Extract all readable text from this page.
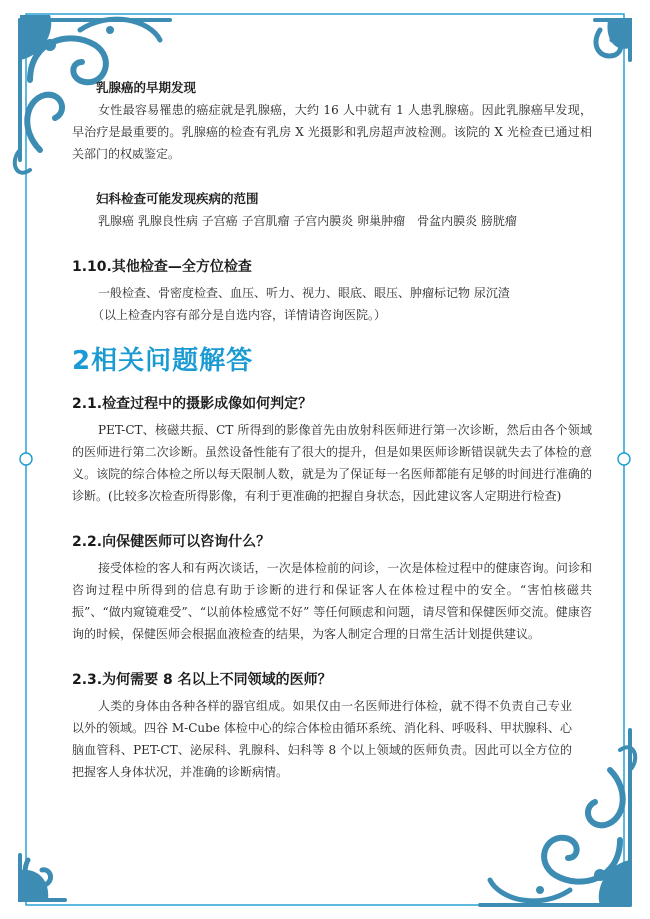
乳腺癌的早期发现

女性最容易罹患的癌症就是乳腺癌，大约 16 人中就有 1 人患乳腺癌。因此乳腺癌早发现，早治疗是最重要的。乳腺癌的检查有乳房 X 光摄影和乳房超声波检测。该院的 X 光检查已通过相关部门的权威鉴定。

妇科检查可能发现疾病的范围

乳腺癌 乳腺良性病 子宫癌 子宫肌瘤 子宫内膜炎 卵巢肿瘤　骨盆内膜炎 膀胱瘤

1.10.其他检查—全方位检查

一般检查、骨密度检查、血压、听力、视力、眼底、眼压、肿瘤标记物 尿沉渣

（以上检查内容有部分是自选内容，详情请咨询医院。）

2相关问题解答
2.1.检查过程中的摄影成像如何判定？

PET-CT、核磁共振、CT 所得到的影像首先由放射科医师进行第一次诊断，然后由各个领域的医师进行第二次诊断。虽然设备性能有了很大的提升，但是如果医师诊断错误就失去了体检的意义。该院的综合体检之所以每天限制人数，就是为了保证每一名医师都能有足够的时间进行准确的诊断。(比较多次检查所得影像，有利于更准确的把握自身状态，因此建议客人定期进行检查)

2.2.向保健医师可以咨询什么？

接受体检的客人和有两次谈话，一次是体检前的问诊，一次是体检过程中的健康咨询。问诊和咨询过程中所得到的信息有助于诊断的进行和保证客人在体检过程中的安全。“害怕核磁共振”、“做内窥镜难受”、“以前体检感觉不好” 等任何顾虑和问题，请尽管和保健医师交流。健康咨询的时候，保健医师会根据血液检查的结果，为客人制定合理的日常生活计划提供建议。

2.3.为何需要 8 名以上不同领域的医师？

人类的身体由各种各样的器官组成。如果仅由一名医师进行体检，就不得不负责自己专业以外的领域。四谷 M-Cube 体检中心的综合体检由循环系统、消化科、呼吸科、甲状腺科、心脑血管科、PET-CT、泌尿科、乳腺科、妇科等 8 个以上领域的医师负责。因此可以全方位的把握客人身体状况，并准确的诊断病情。
